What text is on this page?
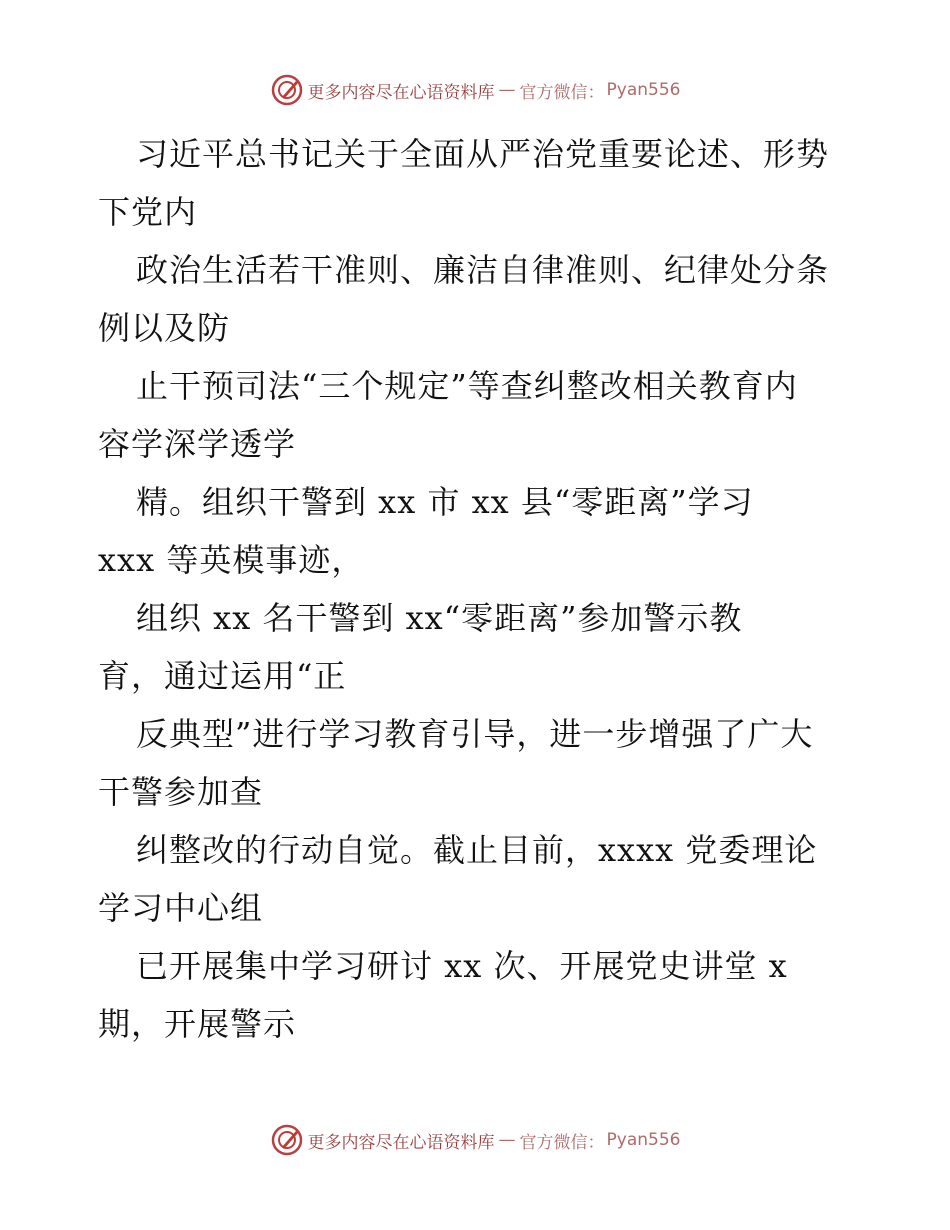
更多内容尽在心语资料库 — 官方微信： Pyan556
习近平总书记关于全面从严治党重要论述、形势
下党内
政治生活若干准则、廉洁自律准则、纪律处分条
例以及防
止干预司法“三个规定”等查纠整改相关教育内
容学深学透学
精。组织干警到 xx 市 xx 县“零距离”学习
xxx 等英模事迹，
组织 xx 名干警到 xx“零距离”参加警示教
育，通过运用“正
反典型”进行学习教育引导，进一步增强了广大
干警参加查
纠整改的行动自觉。截止目前，xxxx 党委理论
学习中心组
已开展集中学习研讨 xx 次、开展党史讲堂 x
期，开展警示
更多内容尽在心语资料库 — 官方微信： Pyan556
